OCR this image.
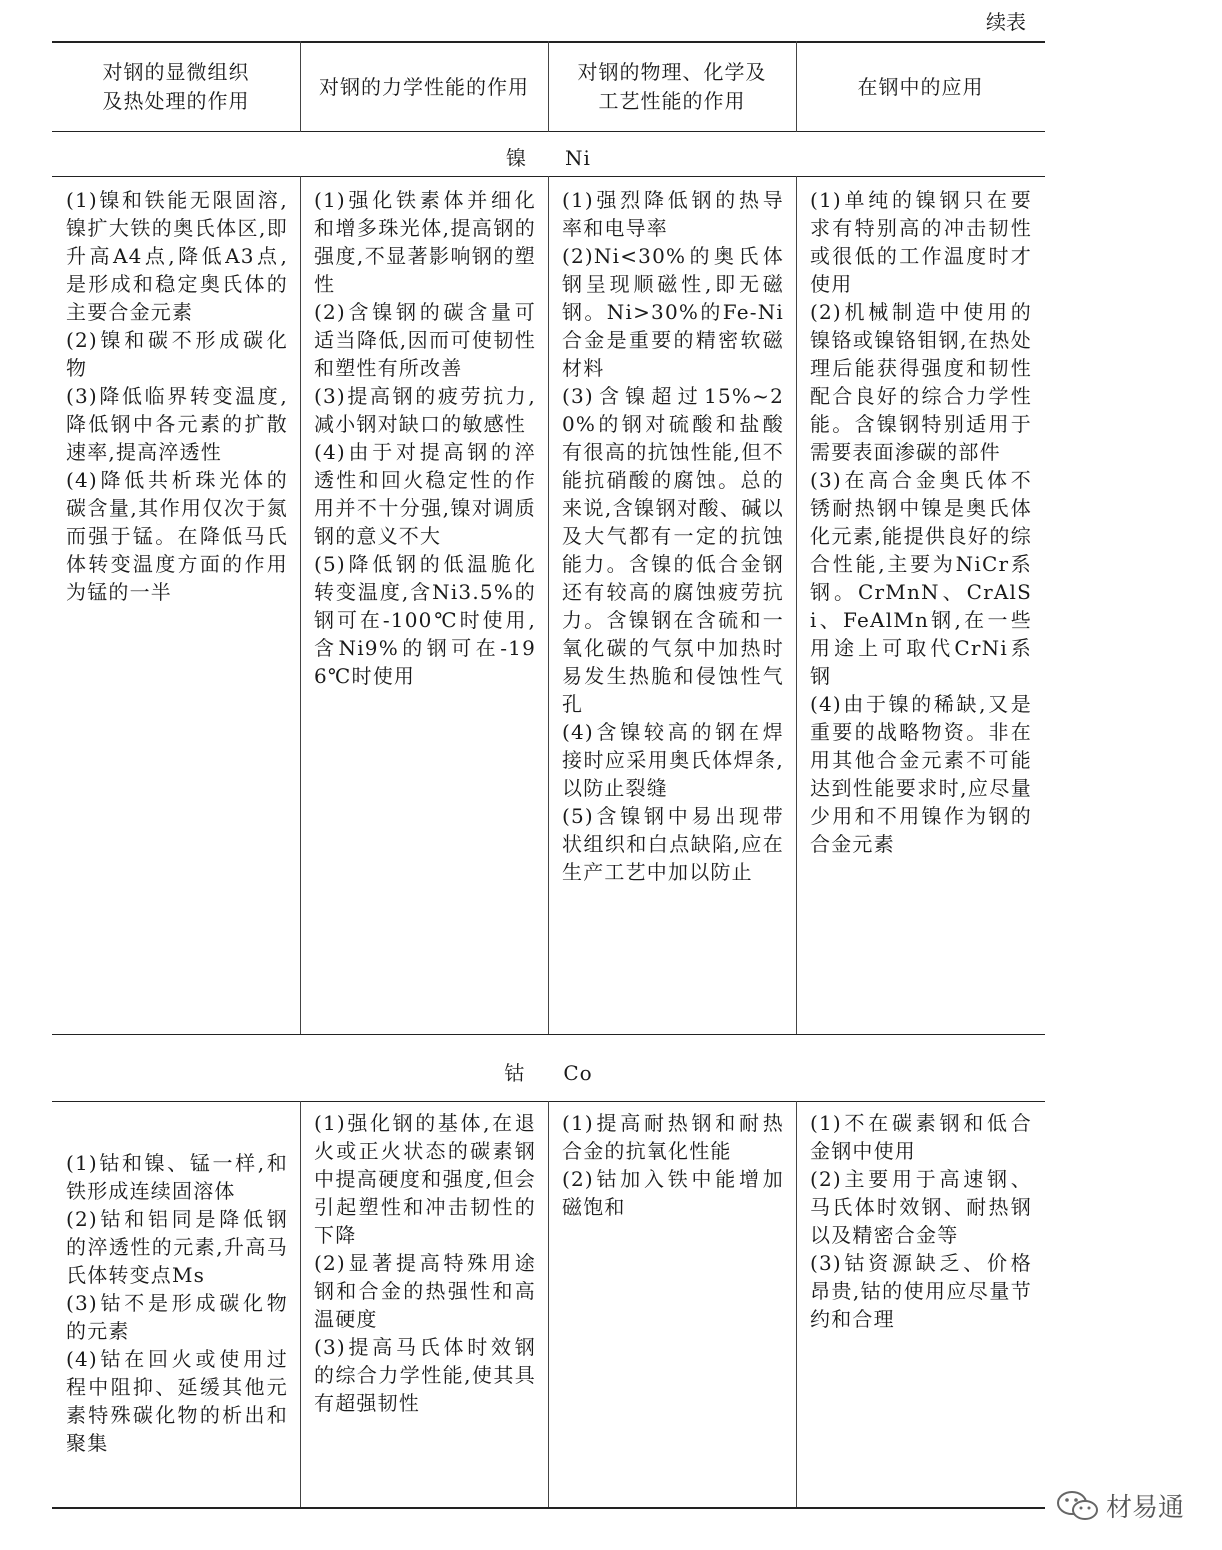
续表
对钢的显微组织
及热处理的作用
对钢的力学性能的作用
对钢的物理、化学及
工艺性能的作用
在钢中的应用
镍 Ni

(1)镍和铁能无限固溶,镍扩大铁的奥氏体区,即升高A4点,降低A3点,是形成和稳定奥氏体的主要合金元素

(2)镍和碳不形成碳化物

(3)降低临界转变温度,降低钢中各元素的扩散速率,提高淬透性

(4)降低共析珠光体的碳含量,其作用仅次于氮而强于锰。在降低马氏体转变温度方面的作用为锰的一半

(1)强化铁素体并细化和增多珠光体,提高钢的强度,不显著影响钢的塑性

(2)含镍钢的碳含量可适当降低,因而可使韧性和塑性有所改善

(3)提高钢的疲劳抗力,减小钢对缺口的敏感性

(4)由于对提高钢的淬透性和回火稳定性的作用并不十分强,镍对调质钢的意义不大

(5)降低钢的低温脆化转变温度,含Ni3.5%的钢可在-100℃时使用,含Ni9%的钢可在-196℃时使用

(1)强烈降低钢的热导率和电导率

(2)Ni<30%的奥氏体钢呈现顺磁性,即无磁钢。Ni>30%的Fe-Ni合金是重要的精密软磁材料

(3)含镍超过15%~20%的钢对硫酸和盐酸有很高的抗蚀性能,但不能抗硝酸的腐蚀。总的来说,含镍钢对酸、碱以及大气都有一定的抗蚀能力。含镍的低合金钢还有较高的腐蚀疲劳抗力。含镍钢在含硫和一氧化碳的气氛中加热时易发生热脆和侵蚀性气孔

(4)含镍较高的钢在焊接时应采用奥氏体焊条,以防止裂缝

(5)含镍钢中易出现带状组织和白点缺陷,应在生产工艺中加以防止

(1)单纯的镍钢只在要求有特别高的冲击韧性或很低的工作温度时才使用

(2)机械制造中使用的镍铬或镍铬钼钢,在热处理后能获得强度和韧性配合良好的综合力学性能。含镍钢特别适用于需要表面渗碳的部件

(3)在高合金奥氏体不锈耐热钢中镍是奥氏体化元素,能提供良好的综合性能,主要为NiCr系钢。CrMnN、CrAlSi、FeAlMn钢,在一些用途上可取代CrNi系钢

(4)由于镍的稀缺,又是重要的战略物资。非在用其他合金元素不可能达到性能要求时,应尽量少用和不用镍作为钢的合金元素

钴 Co

(1)钴和镍、锰一样,和铁形成连续固溶体

(2)钴和铝同是降低钢的淬透性的元素,升高马氏体转变点Ms

(3)钴不是形成碳化物的元素

(4)钴在回火或使用过程中阻抑、延缓其他元素特殊碳化物的析出和聚集

(1)强化钢的基体,在退火或正火状态的碳素钢中提高硬度和强度,但会引起塑性和冲击韧性的下降

(2)显著提高特殊用途钢和合金的热强性和高温硬度

(3)提高马氏体时效钢的综合力学性能,使其具有超强韧性

(1)提高耐热钢和耐热合金的抗氧化性能

(2)钴加入铁中能增加磁饱和

(1)不在碳素钢和低合金钢中使用

(2)主要用于高速钢、马氏体时效钢、耐热钢以及精密合金等

(3)钴资源缺乏、价格昂贵,钴的使用应尽量节约和合理

材易通
